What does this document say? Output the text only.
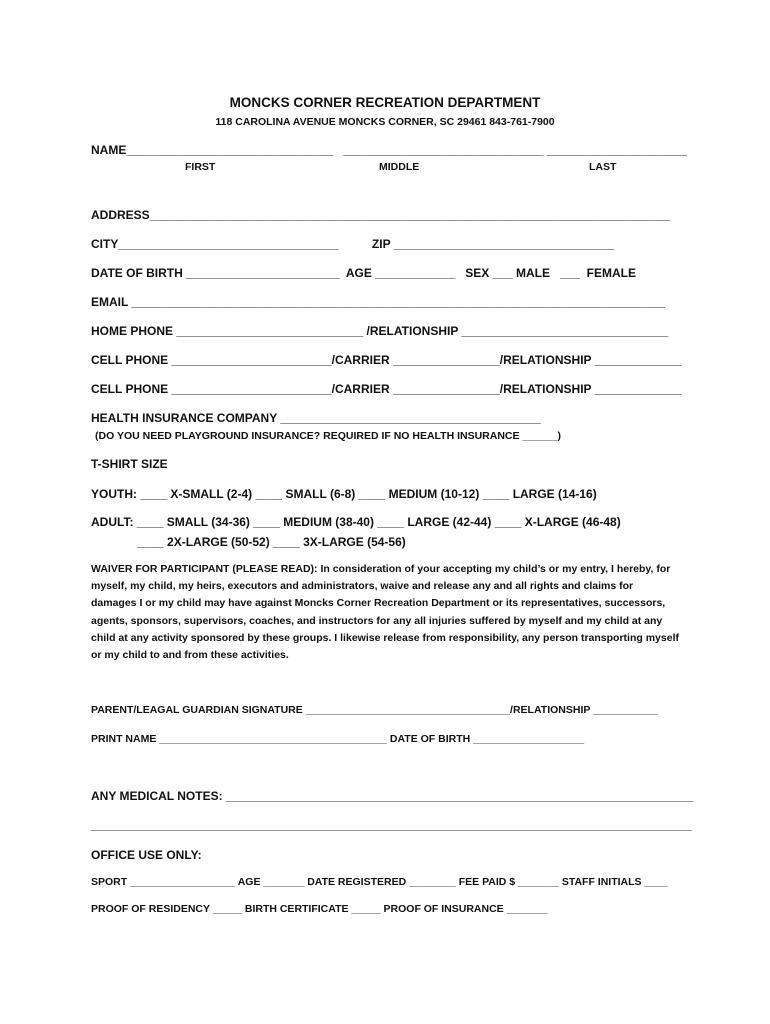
MONCKS CORNER RECREATION DEPARTMENT
118 CAROLINA AVENUE MONCKS CORNER, SC 29461 843-761-7900
NAME_______________________________   ______________________________ _____________________
FIRST	MIDDLE	LAST
ADDRESS______________________________________________________________________________
CITY_________________________________          ZIP _________________________________
DATE OF BIRTH _______________________  AGE ____________   SEX ___ MALE   ___  FEMALE
EMAIL ________________________________________________________________________________
HOME PHONE ____________________________ /RELATIONSHIP _______________________________
CELL PHONE ________________________/CARRIER ________________/RELATIONSHIP _____________
CELL PHONE ________________________/CARRIER ________________/RELATIONSHIP _____________
HEALTH INSURANCE COMPANY _______________________________________
(DO YOU NEED PLAYGROUND INSURANCE? REQUIRED IF NO HEALTH INSURANCE ______)
T-SHIRT SIZE
YOUTH: ____ X-SMALL (2-4) ____ SMALL (6-8) ____ MEDIUM (10-12) ____ LARGE (14-16)
ADULT: ____ SMALL (34-36) ____ MEDIUM (38-40) ____ LARGE (42-44) ____ X-LARGE (46-48)
____ 2X-LARGE (50-52) ____ 3X-LARGE (54-56)
WAIVER FOR PARTICIPANT (PLEASE READ): In consideration of your accepting my child’s or my entry, I hereby, for myself, my child, my heirs, executors and administrators, waive and release any and all rights and claims for damages I or my child may have against Moncks Corner Recreation Department or its representatives, successors, agents, sponsors, supervisors, coaches, and instructors for any all injuries suffered by myself and my child at any child at any activity sponsored by these groups. I likewise release from responsibility, any person transporting myself or my child to and from these activities.
PARENT/LEAGAL GUARDIAN SIGNATURE ___________________________________/RELATIONSHIP ___________
PRINT NAME _______________________________________ DATE OF BIRTH ___________________
ANY MEDICAL NOTES: ______________________________________________________________________
__________________________________________________________________________________________
OFFICE USE ONLY:
SPORT __________________ AGE _______ DATE REGISTERED ________ FEE PAID $ _______ STAFF INITIALS ____
PROOF OF RESIDENCY _____ BIRTH CERTIFICATE _____ PROOF OF INSURANCE _______
